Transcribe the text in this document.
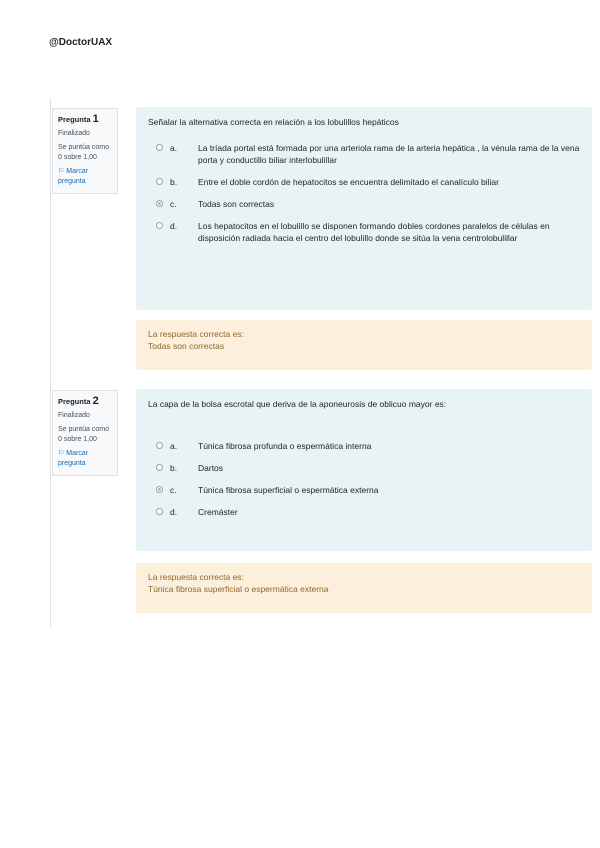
@DoctorUAX
Pregunta 1
Finalizado
Se puntúa como 0 sobre 1,00
⚐ Marcar pregunta
Señalar la alternativa correcta en relación a los lobulillos hepáticos
a. La tríada portal está formada por una arteriola rama de la arteria hepática , la vénula rama de la vena porta y conductillo biliar interlobulillar
b. Entre el doble cordón de hepatocitos se encuentra delimitado el canalículo biliar
c.	Todas son correctas
d. Los hepatocitos en el lobulillo se disponen formando dobles cordones paralelos de células en disposición radiada hacia el centro del lobulillo donde se sitúa la vena centrolobulillar
La respuesta correcta es:
Todas son correctas
Pregunta 2
Finalizado
Se puntúa como 0 sobre 1,00
⚐ Marcar pregunta
La capa de la bolsa escrotal que deriva de la aponeurosis de oblicuo mayor es:
a. Túnica fibrosa profunda o espermática interna
b. Dartos
c.	Túnica fibrosa superficial o espermática externa
d. Cremáster
La respuesta correcta es:
Túnica fibrosa superficial o espermática externa
